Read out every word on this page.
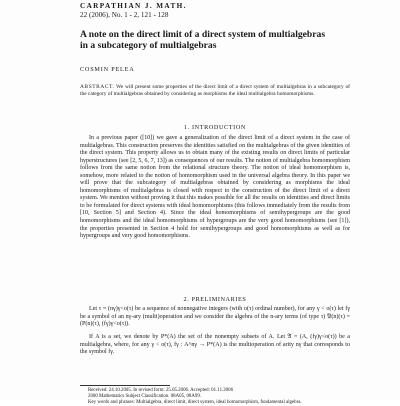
CARPATHIAN J. MATH.
22 (2006), No. 1 - 2, 121 - 128
A note on the direct limit of a direct system of multialgebras in a subcategory of multialgebras
COSMIN PELEA
ABSTRACT. We will present some properties of the direct limit of a direct system of multialgebras in a subcategory of the category of multialgebras obtained by considering as morphisms the ideal multialgebra homomorphisms.
1. INTRODUCTION
In a previous paper ([10]) we gave a generalization of the direct limit of a direct system in the case of multialgebras. This construction preserves the identities satisfied on the multialgebras of the given identities of the direct system. This property allows us to obtain many of the existing results on direct limits of particular hyperstructures (see [2, 5, 6, 7, 13]) as consequences of our results. The notion of multialgebra homomorphism follows from the same notion from the relational structure theory. The notion of ideal homomorphism is, somehow, more related to the notion of homomorphism used in the universal algebra theory. In this paper we will prove that the subcategory of multialgebras obtained by considering as morphisms the ideal homomorphisms of multialgebras is closed with respect to the construction of the direct limit of a direct system. We mention without proving it that this makes possible for all the results on identities and direct limits to be formulated for direct systems with ideal homomorphisms (this follows immediately from the results from [10, Section 5] and Section 4). Since the ideal homomorphisms of semihypergroups are the good homomorphisms and the ideal homomorphisms of hypergroups are the very good homomorphisms (see [1]), the properties presented in Section 4 hold for semihypergroups and good homomorphisms as well as for hypergroups and very good homomorphisms.
2. PRELIMINARIES
Let τ = (nγ)γ<o(τ) be a sequence of nonnegative integers (with o(τ) ordinal number), for any γ < o(τ) let fγ be a symbol of an nγ-ary (multi)operation and we consider the algebra of the n-ary terms (of type τ) 𝔓(n)(τ) = (P(n)(τ), (fγ)γ<o(τ)).
If A is a set, we denote by P*(A) the set of the nonempty subsets of A. Let 𝔄 = (A, (fγ)γ<o(τ)) be a multialgebra, where, for any γ < o(τ), fγ : A^nγ → P*(A) is the multioperation of arity nγ that corresponds to the symbol fγ.
Received: 24.10.2005. In revised form: 25.05.2006. Accepted: 01.11.2006
2000 Mathematics Subject Classification. 08A05, 08A99.
Key words and phrases: Multialgebra, direct limit, direct system, ideal homomorphism, fundamental algebra.
